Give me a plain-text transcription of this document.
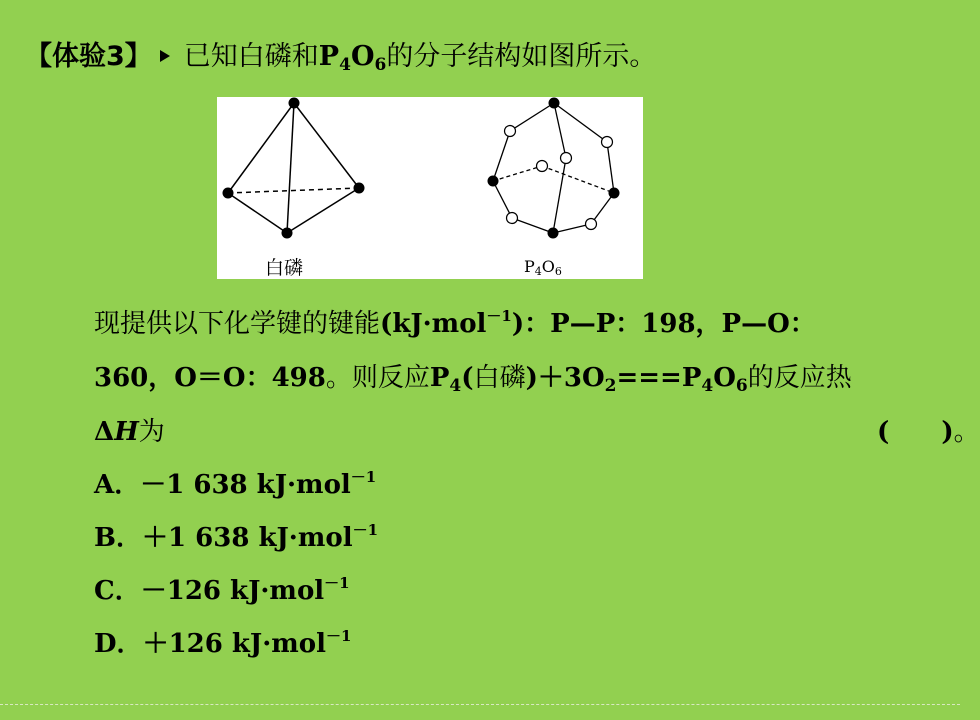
【体验3】 已知白磷和$P_4O_6$的分子结构如图所示。
白磷	P4O6
现提供以下化学键的键能(kJ·mol$^{-1}$)：P—P：198，P—O：
360，O＝O：498。则反应$P_4$(白磷)$+3O_2===P_4O_6$的反应热
ΔH为	( )。
A．－1 638 kJ·mol$^{-1}$
B．＋1 638 kJ·mol$^{-1}$
C．－126 kJ·mol$^{-1}$
D．＋126 kJ·mol$^{-1}$
